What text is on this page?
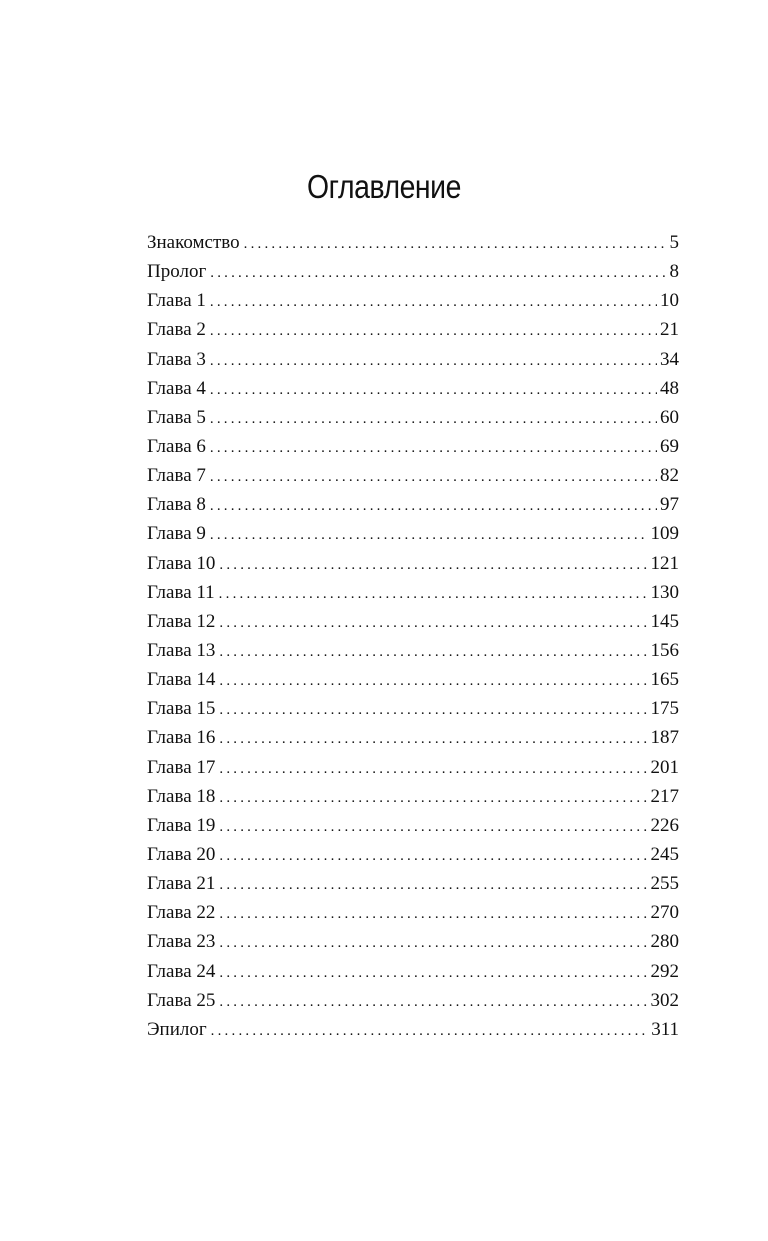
Оглавление
Знакомство .....	5
Пролог .....	8
Глава 1 .....	10
Глава 2 .....	21
Глава 3 .....	34
Глава 4 .....	48
Глава 5 .....	60
Глава 6 .....	69
Глава 7 .....	82
Глава 8 .....	97
Глава 9 .....	109
Глава 10 .....	121
Глава 11 .....	130
Глава 12 .....	145
Глава 13 .....	156
Глава 14 .....	165
Глава 15 .....	175
Глава 16 .....	187
Глава 17 .....	201
Глава 18 .....	217
Глава 19 .....	226
Глава 20 .....	245
Глава 21 .....	255
Глава 22 .....	270
Глава 23 .....	280
Глава 24 .....	292
Глава 25 .....	302
Эпилог .....	311
